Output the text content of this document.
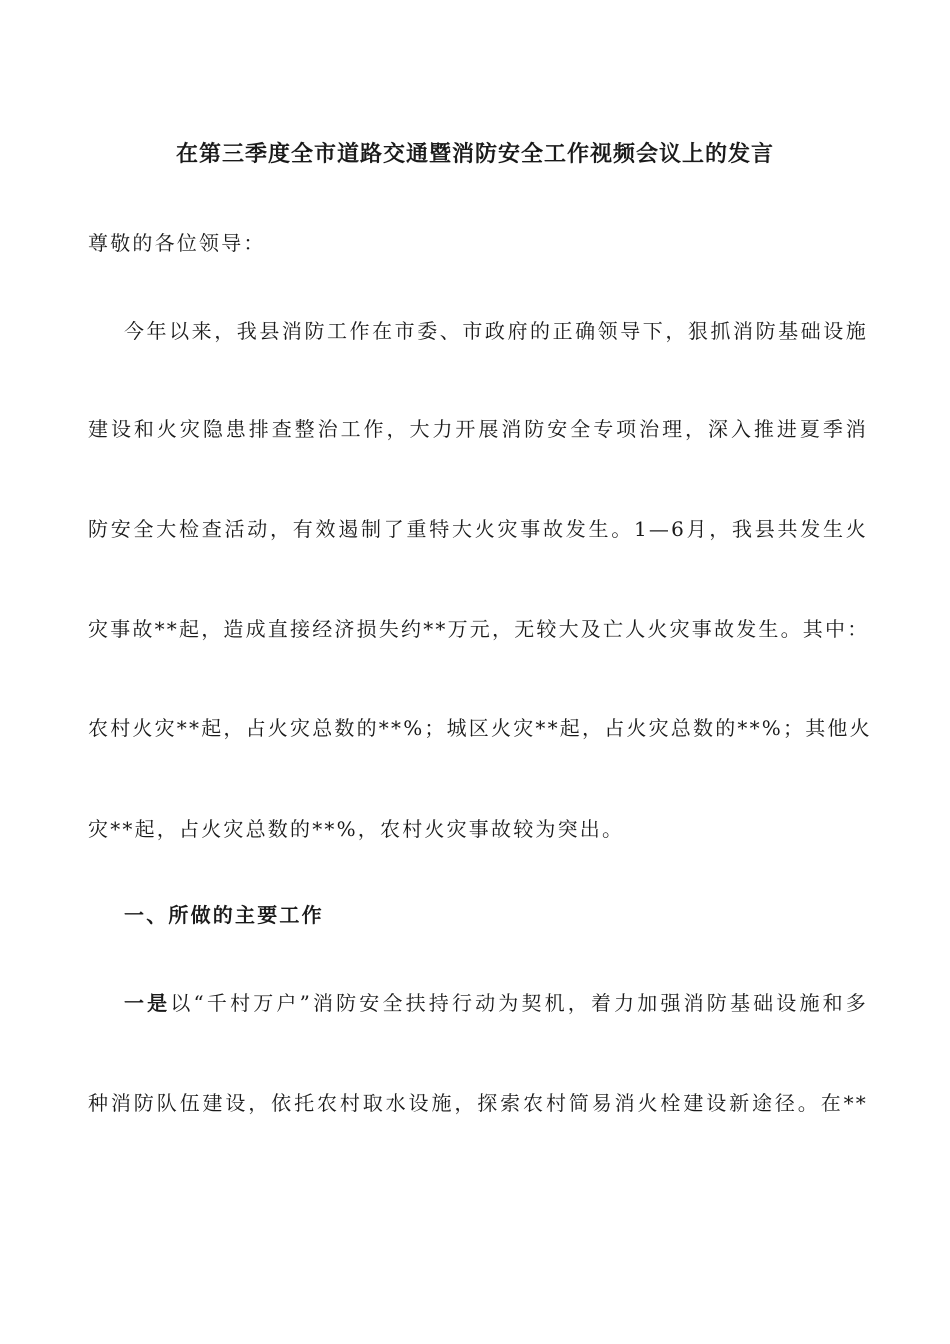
在第三季度全市道路交通暨消防安全工作视频会议上的发言
尊敬的各位领导：
今年以来，我县消防工作在市委、市政府的正确领导下，狠抓消防基础设施
建设和火灾隐患排查整治工作，大力开展消防安全专项治理，深入推进夏季消
防安全大检查活动，有效遏制了重特大火灾事故发生。1—6月，我县共发生火
灾事故**起，造成直接经济损失约**万元，无较大及亡人火灾事故发生。其中：
农村火灾**起，占火灾总数的**%；城区火灾**起，占火灾总数的**%；其他火
灾**起，占火灾总数的**%，农村火灾事故较为突出。
一、所做的主要工作
一是以“千村万户”消防安全扶持行动为契机，着力加强消防基础设施和多
种消防队伍建设，依托农村取水设施，探索农村简易消火栓建设新途径。在**
